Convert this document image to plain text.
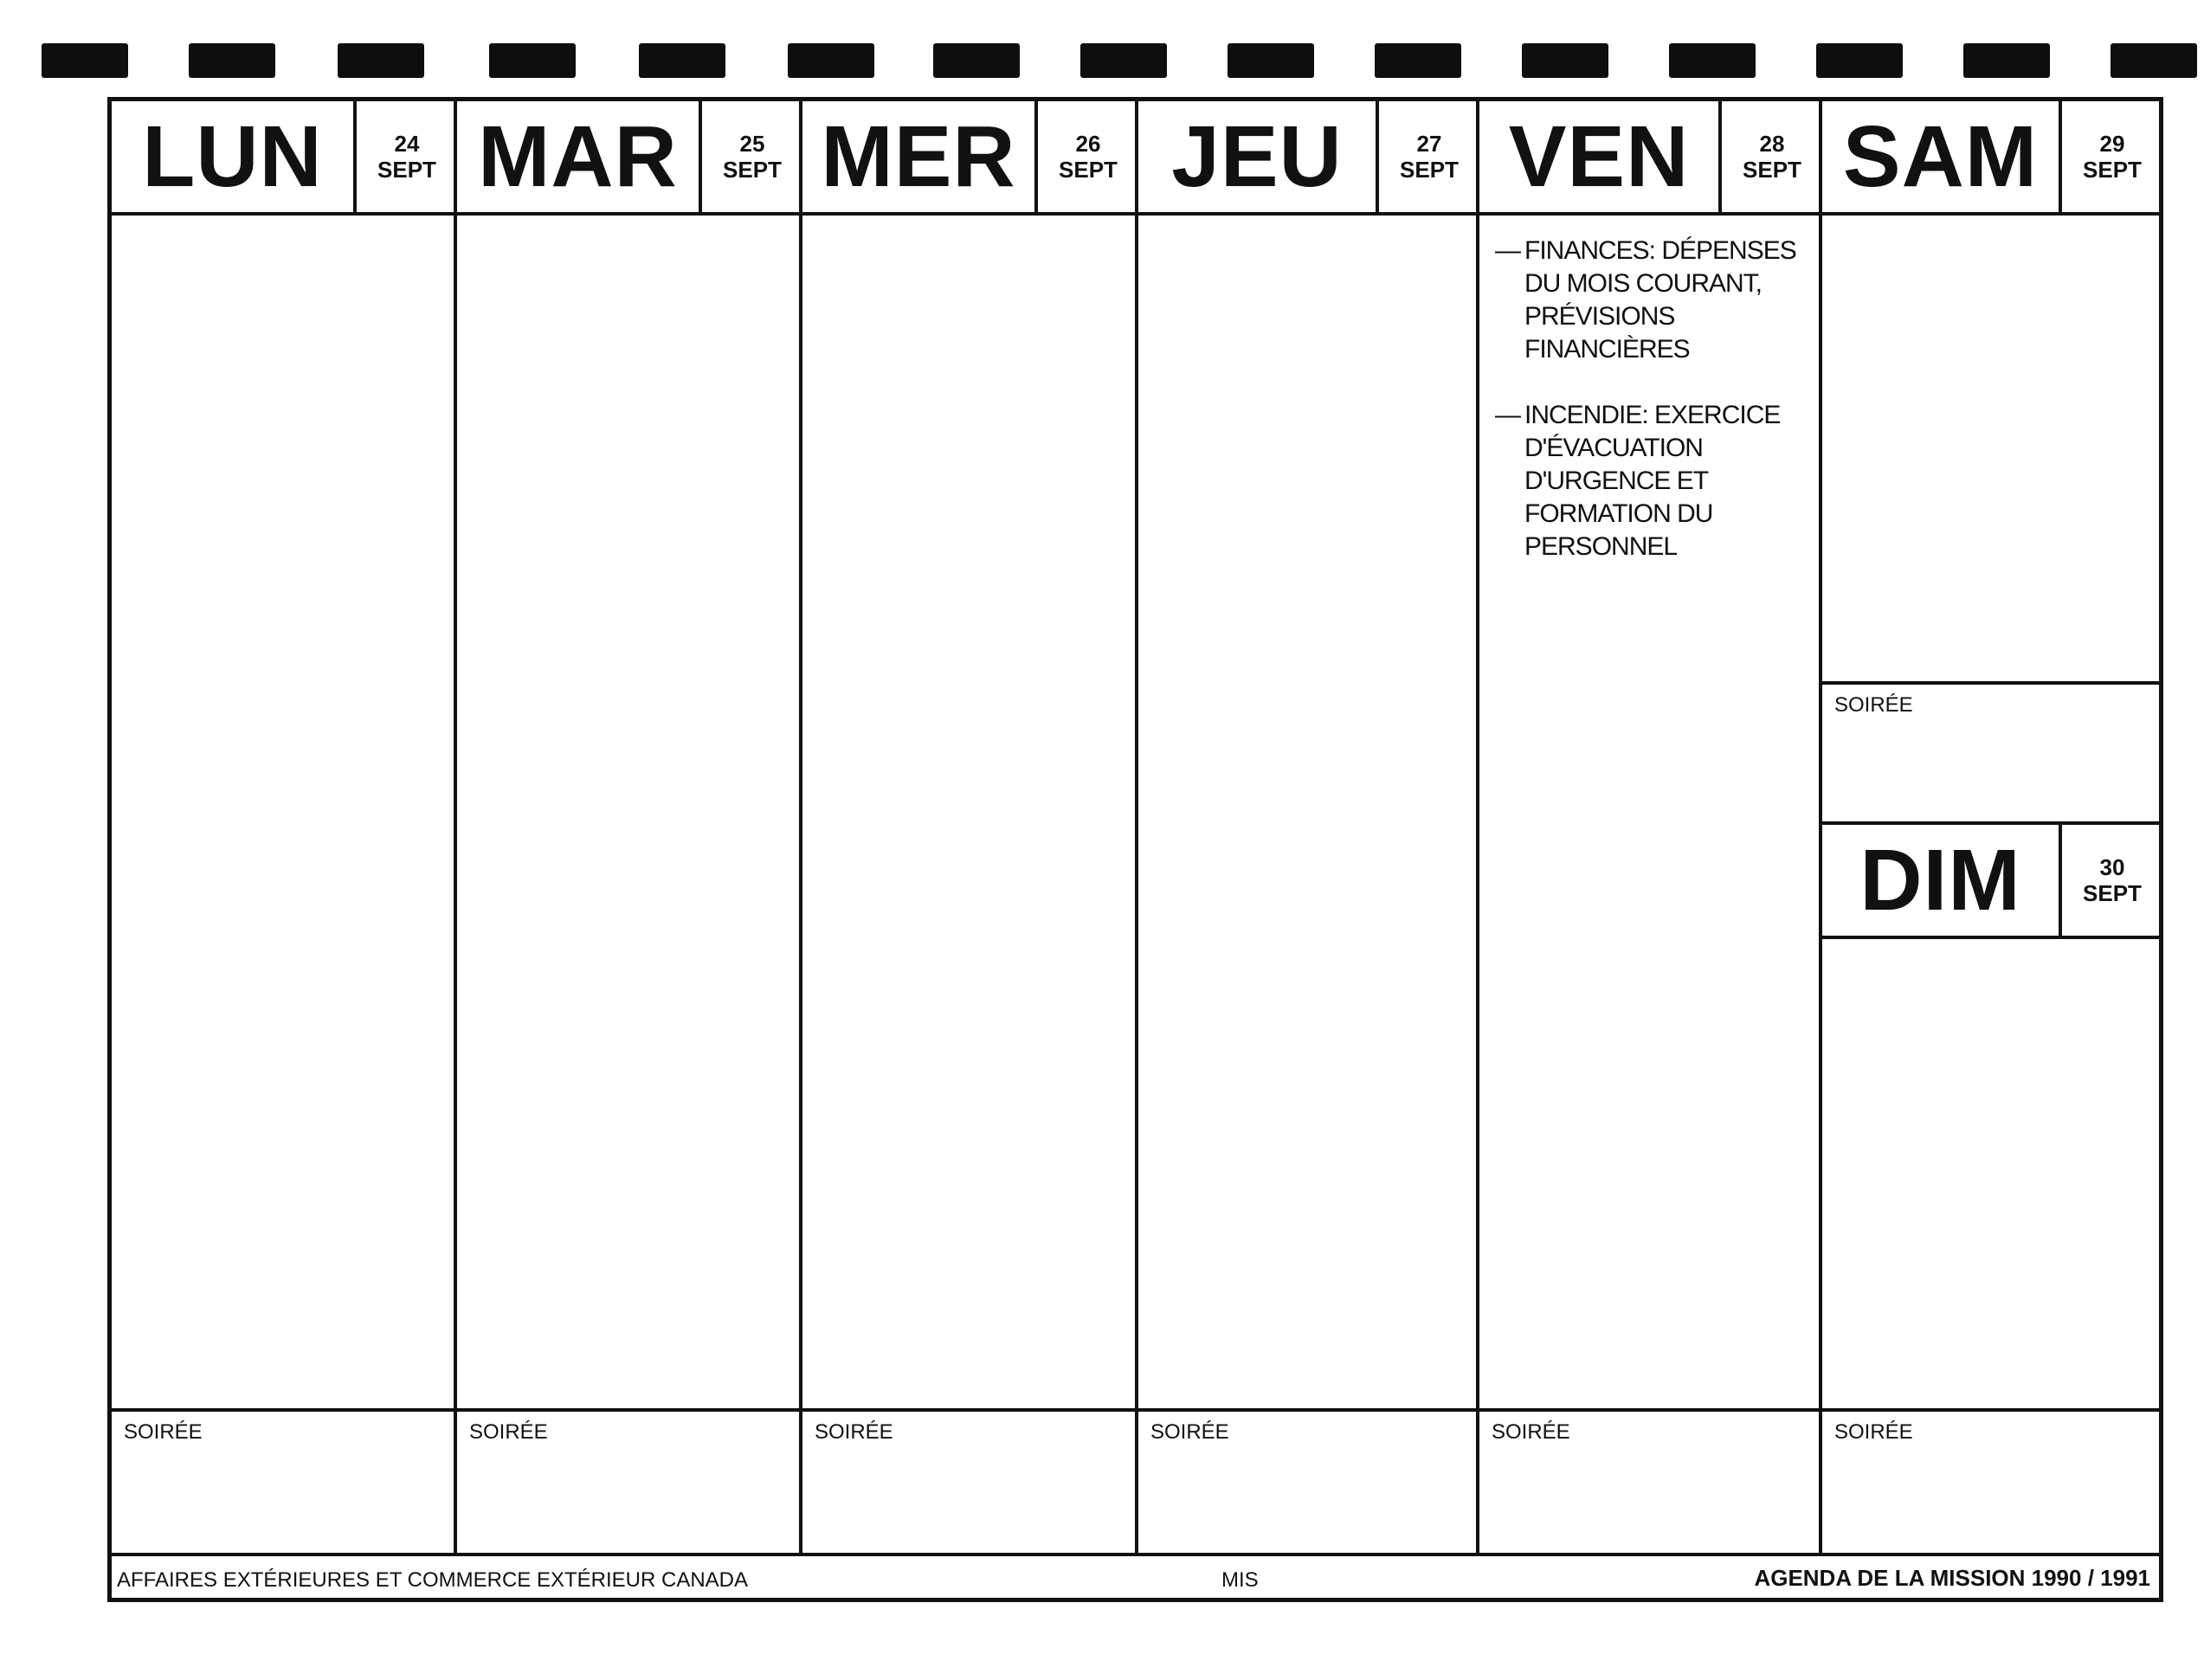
LUN	24
SEPT
SOIRÉE
MAR	25
SEPT
SOIRÉE
MER	26
SEPT
SOIRÉE
JEU	27
SEPT
SOIRÉE
VEN	28
SEPT
— FINANCES: DÉPENSES
DU MOIS COURANT,
PRÉVISIONS FINANCIÈRES
— INCENDIE: EXERCICE
D'ÉVACUATION
D'URGENCE ET
FORMATION DU
PERSONNEL
SOIRÉE
SAM	29
SEPT
SOIRÉE
DIM	30
SEPT
SOIRÉE
AFFAIRES EXTÉRIEURES ET COMMERCE EXTÉRIEUR CANADA	MIS	AGENDA DE LA MISSION 1990 / 1991
